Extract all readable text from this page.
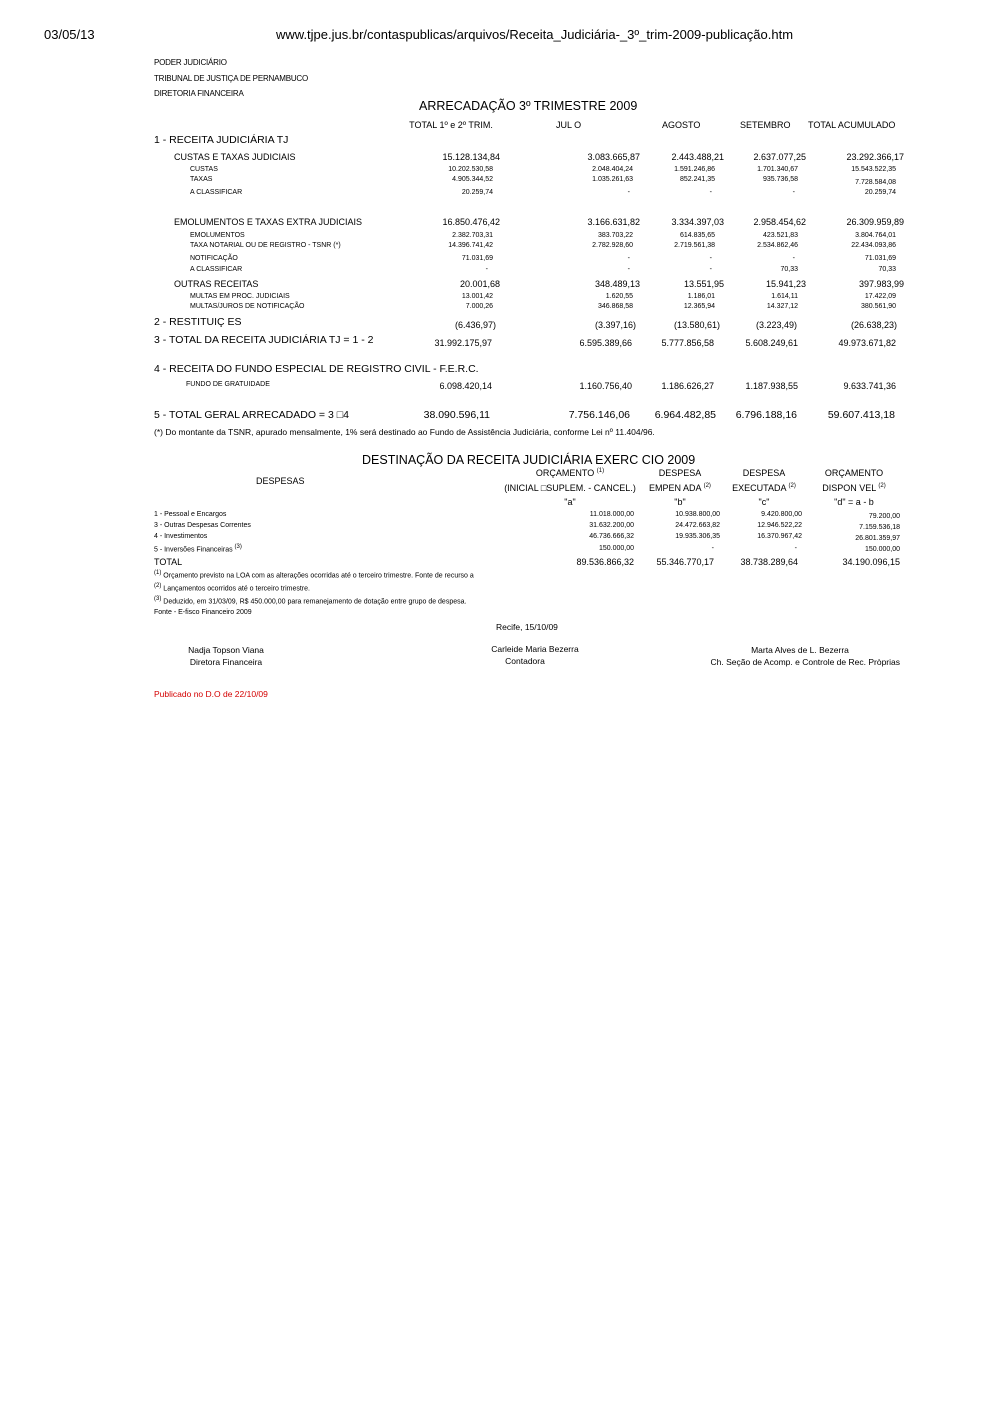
03/05/13	www.tjpe.jus.br/contaspublicas/arquivos/Receita_Judiciária-_3º_trim-2009-publicação.htm
PODER JUDICIÁRIO
TRIBUNAL DE JUSTIÇA DE PERNAMBUCO
DIRETORIA FINANCEIRA
ARRECADAÇÃO 3º TRIMESTRE 2009
TOTAL 1º e 2º TRIM.	JUL O	AGOSTO	SETEMBRO TOTAL ACUMULADO
1 - RECEITA JUDICIÁRIA TJ
CUSTAS E TAXAS JUDICIAIS	15.128.134,84	3.083.665,87	2.443.488,21	2.637.077,25	23.292.366,17
CUSTAS	10.202.530,58	2.048.404,24	1.591.246,86	1.701.340,67	15.543.522,35
TAXAS	4.905.344,52	1.035.261,63	852.241,35	935.736,58	7.728.584,08
A CLASSIFICAR	20.259,74	-	-	-	20.259,74
EMOLUMENTOS E TAXAS EXTRA JUDICIAIS	16.850.476,42	3.166.631,82	3.334.397,03	2.958.454,62	26.309.959,89
EMOLUMENTOS	2.382.703,31	383.703,22	614.835,65	423.521,83	3.804.764,01
TAXA NOTARIAL OU DE REGISTRO - TSNR (*)	14.396.741,42	2.782.928,60	2.719.561,38	2.534.862,46	22.434.093,86
NOTIFICAÇÃO	71.031,69	-	-	-	71.031,69
A CLASSIFICAR	-	-	-	70,33	70,33
OUTRAS RECEITAS	20.001,68	348.489,13	13.551,95	15.941,23	397.983,99
MULTAS EM PROC. JUDICIAIS	13.001,42	1.620,55	1.186,01	1.614,11	17.422,09
MULTAS/JUROS DE NOTIFICAÇÃO	7.000,26	346.868,58	12.365,94	14.327,12	380.561,90
2 - RESTITUIÇ ES	(6.436,97)	(3.397,16)	(13.580,61)	(3.223,49)	(26.638,23)
3 - TOTAL DA RECEITA JUDICIÁRIA TJ = 1 - 2	31.992.175,97	6.595.389,66	5.777.856,58	5.608.249,61	49.973.671,82
4 - RECEITA DO FUNDO ESPECIAL DE REGISTRO CIVIL - F.E.R.C.
FUNDO DE GRATUIDADE	6.098.420,14	1.160.756,40	1.186.626,27	1.187.938,55	9.633.741,36
5 - TOTAL GERAL ARRECADADO = 3 □4	38.090.596,11	7.756.146,06	6.964.482,85	6.796.188,16	59.607.413,18
(*) Do montante da TSNR, apurado mensalmente, 1% será destinado ao Fundo de Assistência Judiciária, conforme Lei nº 11.404/96.
DESTINAÇÃO DA RECEITA JUDICIÁRIA EXERC CIO 2009
DESPESAS
ORÇAMENTO $^{(1)}$
(INICIAL □SUPLEM. - CANCEL.)
"a"
DESPESA
EMPEN ADA $^{(2)}$
"b"
DESPESA
EXECUTADA $^{(2)}$
"c"
ORÇAMENTO
DISPON VEL $^{(2)}$
"d" = a - b
1 - Pessoal e Encargos	11.018.000,00	10.938.800,00	9.420.800,00	79.200,00
3 - Outras Despesas Correntes	31.632.200,00	24.472.663,82	12.946.522,22	7.159.536,18
4 - Investimentos	46.736.666,32	19.935.306,35	16.370.967,42	26.801.359,97
5 - Inversões Financeiras $^{(3)}$	150.000,00	-	-	150.000,00
TOTAL	89.536.866,32	55.346.770,17	38.738.289,64	34.190.096,15
$^{(1)}$ Orçamento previsto na LOA com as alterações ocorridas até o terceiro trimestre. Fonte de recurso a
$^{(2)}$ Lançamentos ocorridos até o terceiro trimestre.
$^{(3)}$ Deduzido, em 31/03/09, R$ 450.000,00 para remanejamento de dotação entre grupo de despesa.
Fonte - E-fisco Financeiro 2009
Recife, 15/10/09
Nadja Topson Viana
Diretora Financeira
Carleide Maria Bezerra
Contadora
Marta Alves de L. Bezerra
Ch. Seção de Acomp. e Controle de Rec. Pròprias
Publicado no D.O de 22/10/09
